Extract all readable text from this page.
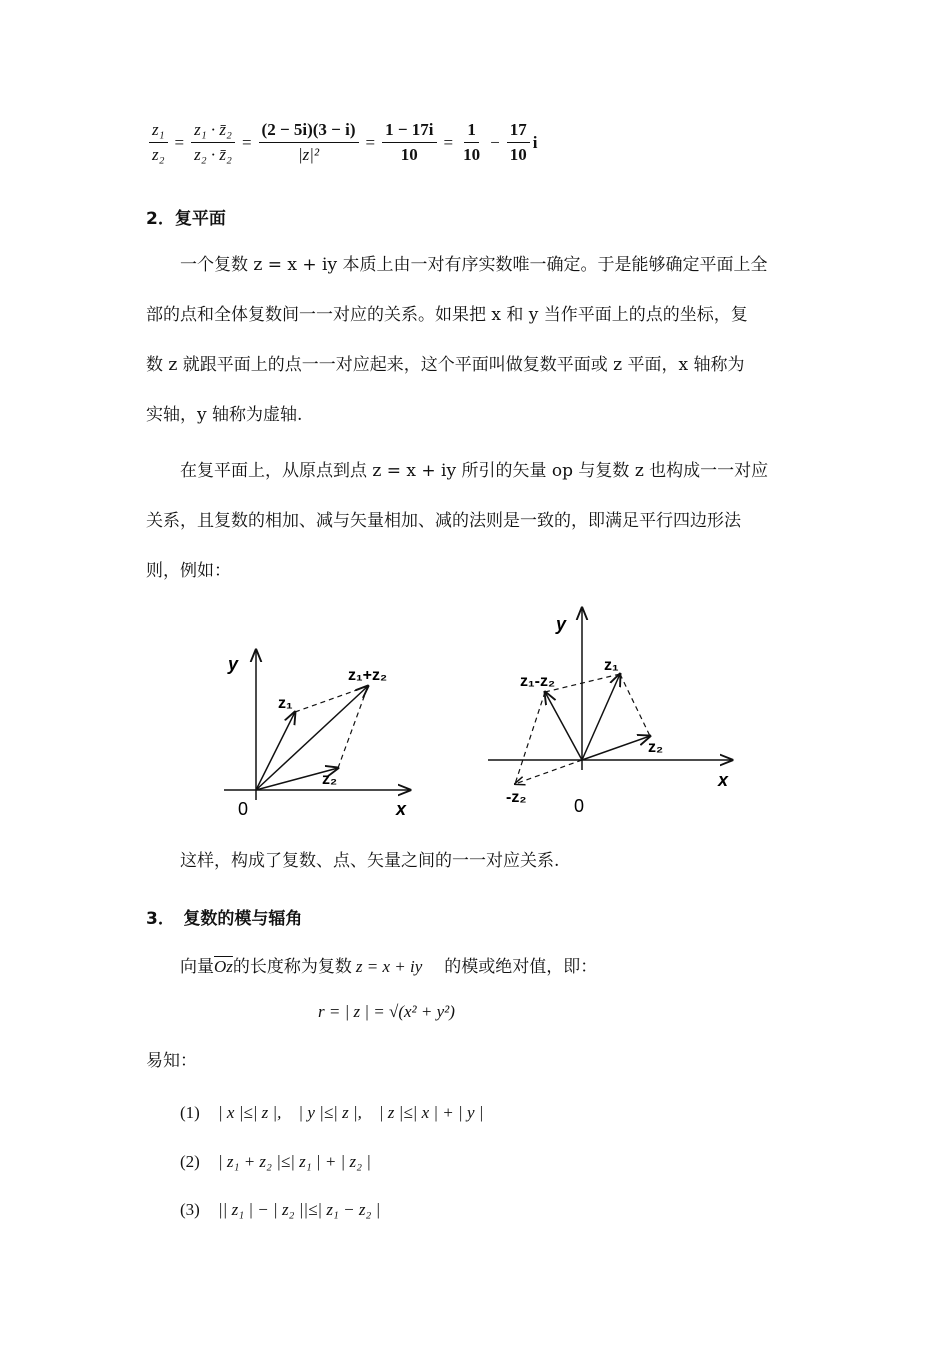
$\frac{\text{z₁}}{\text{z₂}} = \frac{\text{z₁ · z̄₂}}{\text{z₂ · z̄₂}} = \frac{(2 - 5i)(3 - i)}{\text{|z|²}} = \frac{1 - 17i}{10} = \frac{1}{10} - \frac{17}{10}$ i
2．复平面
一个复数 z = x + iy 本质上由一对有序实数唯一确定。于是能够确定平面上全
部的点和全体复数间一一对应的关系。如果把 x 和 y 当作平面上的点的坐标，复
数 z 就跟平面上的点一一对应起来，这个平面叫做复数平面或 z 平面，x 轴称为
实轴，y 轴称为虚轴.
在复平面上，从原点到点 z = x + iy 所引的矢量 op 与复数 z 也构成一一对应
关系，且复数的相加、减与矢量相加、减的法则是一致的，即满足平行四边形法
则，例如：
y
x
0
z₁
z₂
z₁+z₂
y
x
0
z₁
z₂
z₁-z₂
-z₂
这样，构成了复数、点、矢量之间的一一对应关系.
3．　复数的模与辐角
向量$\overline{Oz}$的长度称为复数 z = x + iy 的模或绝对值，即：
r = | z | = √(x² + y²)
易知：
(1) | x |≤| z |,　| y |≤| z |,　| z |≤| x | + | y |
(2) | z₁ + z₂ |≤| z₁ | + | z₂ |
(3) || z₁ | − | z₂ ||≤| z₁ − z₂ |
